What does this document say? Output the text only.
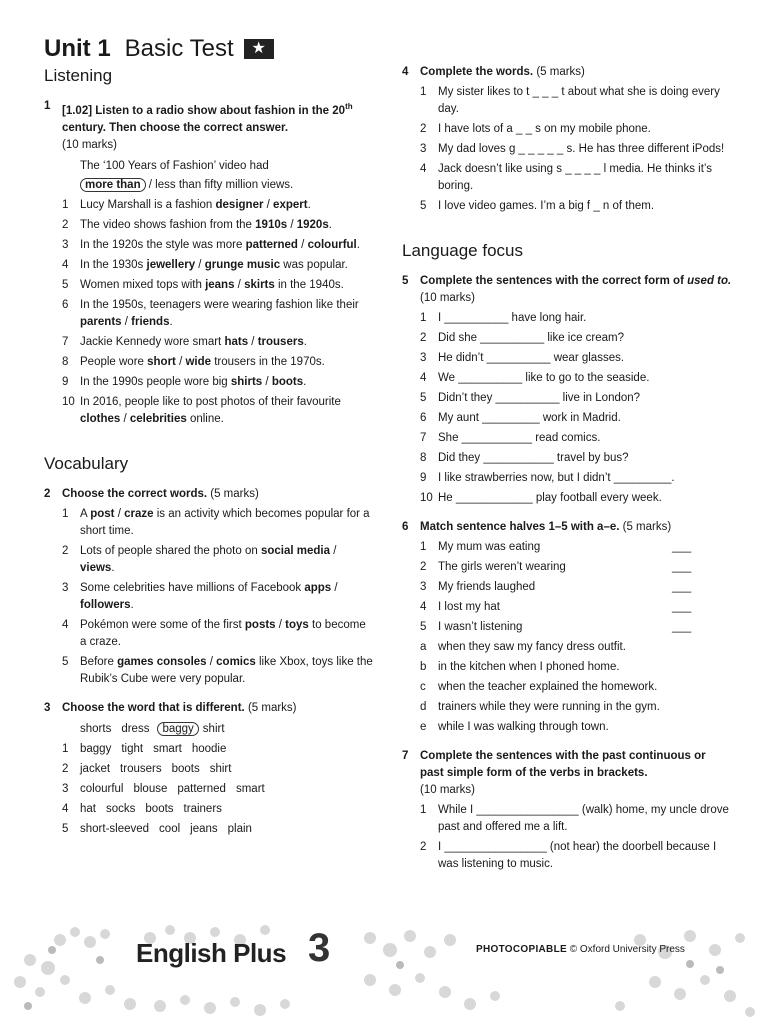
Unit 1 Basic Test	★
Listening
1	[1.02] Listen to a radio show about fashion in the 20th century. Then choose the correct answer.
(10 marks)
The ‘100 Years of Fashion’ video had
more than / less than fifty million views.
1	Lucy Marshall is a fashion designer / expert.
2	The video shows fashion from the 1910s / 1920s.
3	In the 1920s the style was more patterned / colourful.
4	In the 1930s jewellery / grunge music was popular.
5	Women mixed tops with jeans / skirts in the 1940s.
6	In the 1950s, teenagers were wearing fashion like their parents / friends.
7	Jackie Kennedy wore smart hats / trousers.
8	People wore short / wide trousers in the 1970s.
9	In the 1990s people wore big shirts / boots.
10 In 2016, people like to post photos of their favourite clothes / celebrities online.
Vocabulary
2	Choose the correct words. (5 marks)
1	A post / craze is an activity which becomes popular for a short time.
2	Lots of people shared the photo on social media / views.
3	Some celebrities have millions of Facebook apps / followers.
4	Pokémon were some of the first posts / toys to become a craze.
5	Before games consoles / comics like Xbox, toys like the Rubik’s Cube were very popular.
3	Choose the word that is different. (5 marks)
shorts dress baggy shirt
1	baggy tight smart hoodie
2	jacket trousers boots shirt
3	colourful blouse patterned smart
4	hat socks boots trainers
5	short-sleeved cool jeans plain
4	Complete the words. (5 marks)
1	My sister likes to t _ _ _ t about what she is doing every day.
2	I have lots of a _ _ s on my mobile phone.
3	My dad loves g _ _ _ _ _ s. He has three different iPods!
4	Jack doesn’t like using s _ _ _ _ l media. He thinks it’s boring.
5	I love video games. I’m a big f _ n of them.
Language focus
5	Complete the sentences with the correct form of used to. (10 marks)
1	I __________ have long hair.
2	Did she __________ like ice cream?
3	He didn’t __________ wear glasses.
4	We __________ like to go to the seaside.
5	Didn’t they __________ live in London?
6	My aunt _________ work in Madrid.
7	She ___________ read comics.
8	Did they ___________ travel by bus?
9	I like strawberries now, but I didn’t _________.
10 He ____________ play football every week.
6	Match sentence halves 1–5 with a–e. (5 marks)
1	My mum was eating	___
2	The girls weren’t wearing	___
3	My friends laughed	___
4	I lost my hat	___
5	I wasn’t listening	___
a	when they saw my fancy dress outfit.
b	in the kitchen when I phoned home.
c	when the teacher explained the homework.
d	trainers while they were running in the gym.
e	while I was walking through town.
7	Complete the sentences with the past continuous or past simple form of the verbs in brackets.
(10 marks)
1	While I ________________ (walk) home, my uncle drove past and offered me a lift.
2	I ________________ (not hear) the doorbell because I was listening to music.
English Plus 3	PHOTOCOPIABLE © Oxford University Press
